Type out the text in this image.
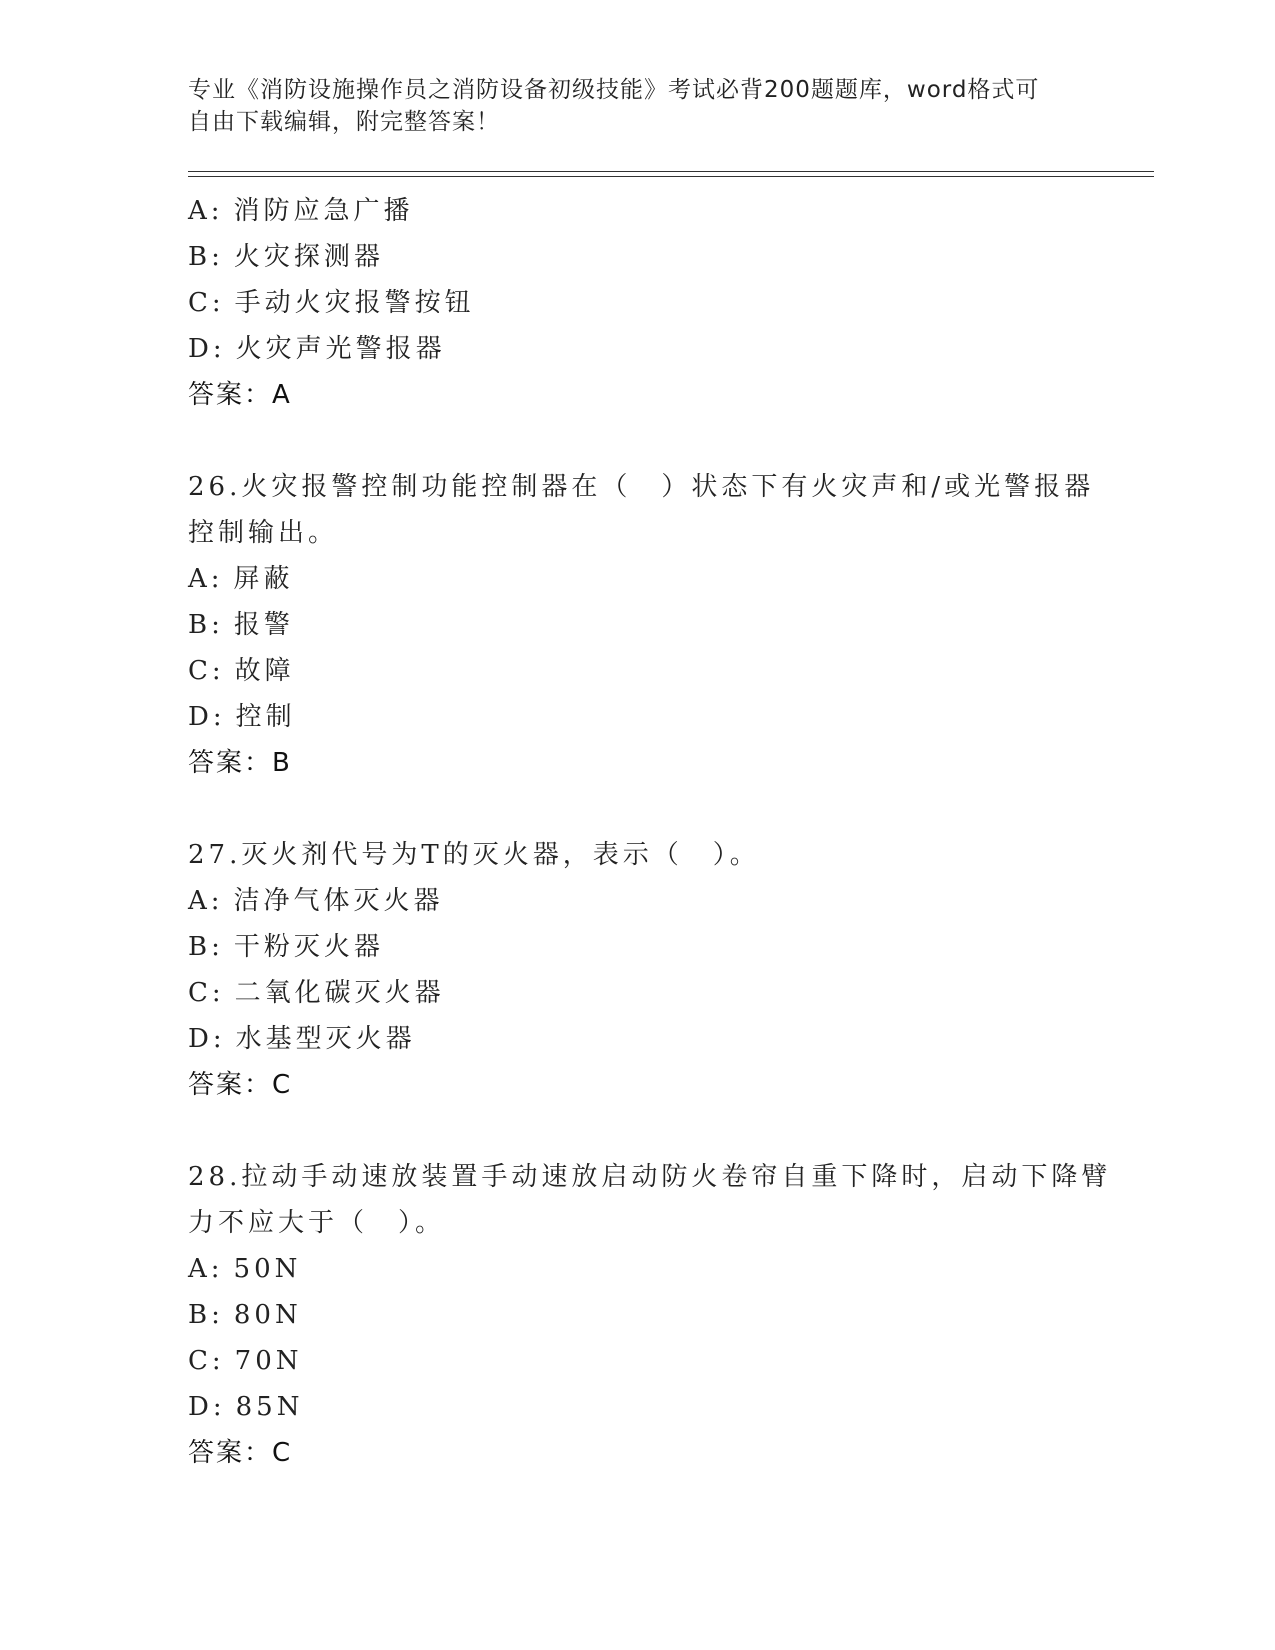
专业《消防设施操作员之消防设备初级技能》考试必背200题题库，word格式可

自由下载编辑，附完整答案！

A: 消防应急广播
B: 火灾探测器
C: 手动火灾报警按钮
D: 火灾声光警报器
答案：A
26.火灾报警控制功能控制器在（　）状态下有火灾声和/或光警报器
控制输出。
A: 屏蔽
B: 报警
C: 故障
D: 控制
答案：B
27.灭火剂代号为T的灭火器，表示（　）。
A: 洁净气体灭火器
B: 干粉灭火器
C: 二氧化碳灭火器
D: 水基型灭火器
答案：C
28.拉动手动速放装置手动速放启动防火卷帘自重下降时，启动下降臂
力不应大于（　）。
A: 50N
B: 80N
C: 70N
D: 85N
答案：C
